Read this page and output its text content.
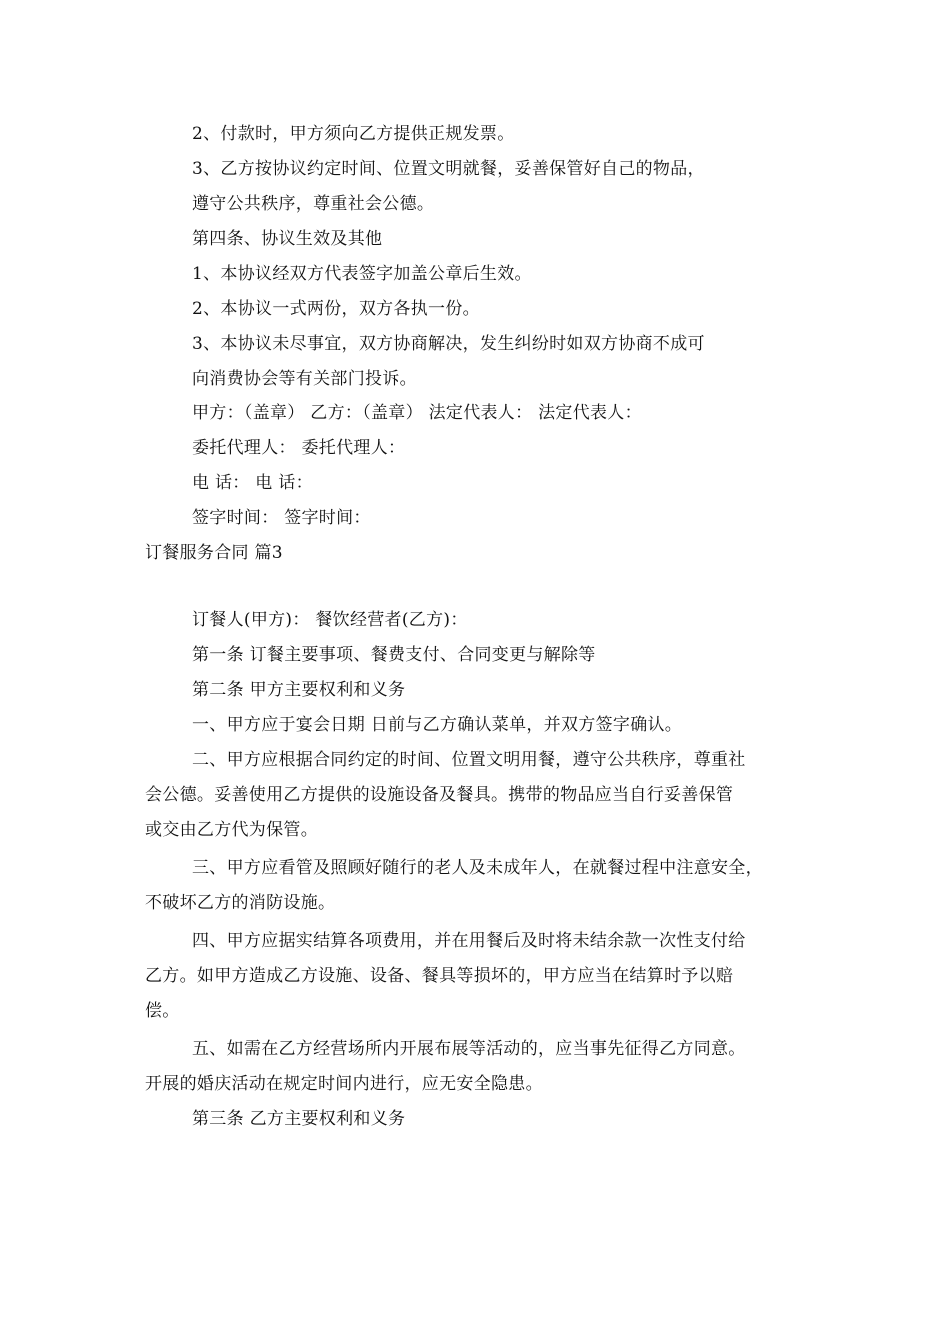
2、付款时，甲方须向乙方提供正规发票。
3、乙方按协议约定时间、位置文明就餐，妥善保管好自己的物品，
遵守公共秩序，尊重社会公德。
第四条、协议生效及其他
1、本协议经双方代表签字加盖公章后生效。
2、本协议一式两份，双方各执一份。
3、本协议未尽事宜，双方协商解决，发生纠纷时如双方协商不成可
向消费协会等有关部门投诉。
甲方：（盖章） 乙方：（盖章） 法定代表人： 法定代表人：
委托代理人： 委托代理人：
电 话： 电 话：
签字时间： 签字时间：
订餐服务合同 篇3
订餐人(甲方)： 餐饮经营者(乙方)：
第一条 订餐主要事项、餐费支付、合同变更与解除等
第二条 甲方主要权利和义务
一、甲方应于宴会日期 日前与乙方确认菜单，并双方签字确认。
二、甲方应根据合同约定的时间、位置文明用餐，遵守公共秩序，尊重社
会公德。妥善使用乙方提供的设施设备及餐具。携带的物品应当自行妥善保管
或交由乙方代为保管。
三、甲方应看管及照顾好随行的老人及未成年人，在就餐过程中注意安全，
不破坏乙方的消防设施。
四、甲方应据实结算各项费用，并在用餐后及时将未结余款一次性支付给
乙方。如甲方造成乙方设施、设备、餐具等损坏的，甲方应当在结算时予以赔
偿。
五、如需在乙方经营场所内开展布展等活动的，应当事先征得乙方同意。
开展的婚庆活动在规定时间内进行，应无安全隐患。
第三条 乙方主要权利和义务
